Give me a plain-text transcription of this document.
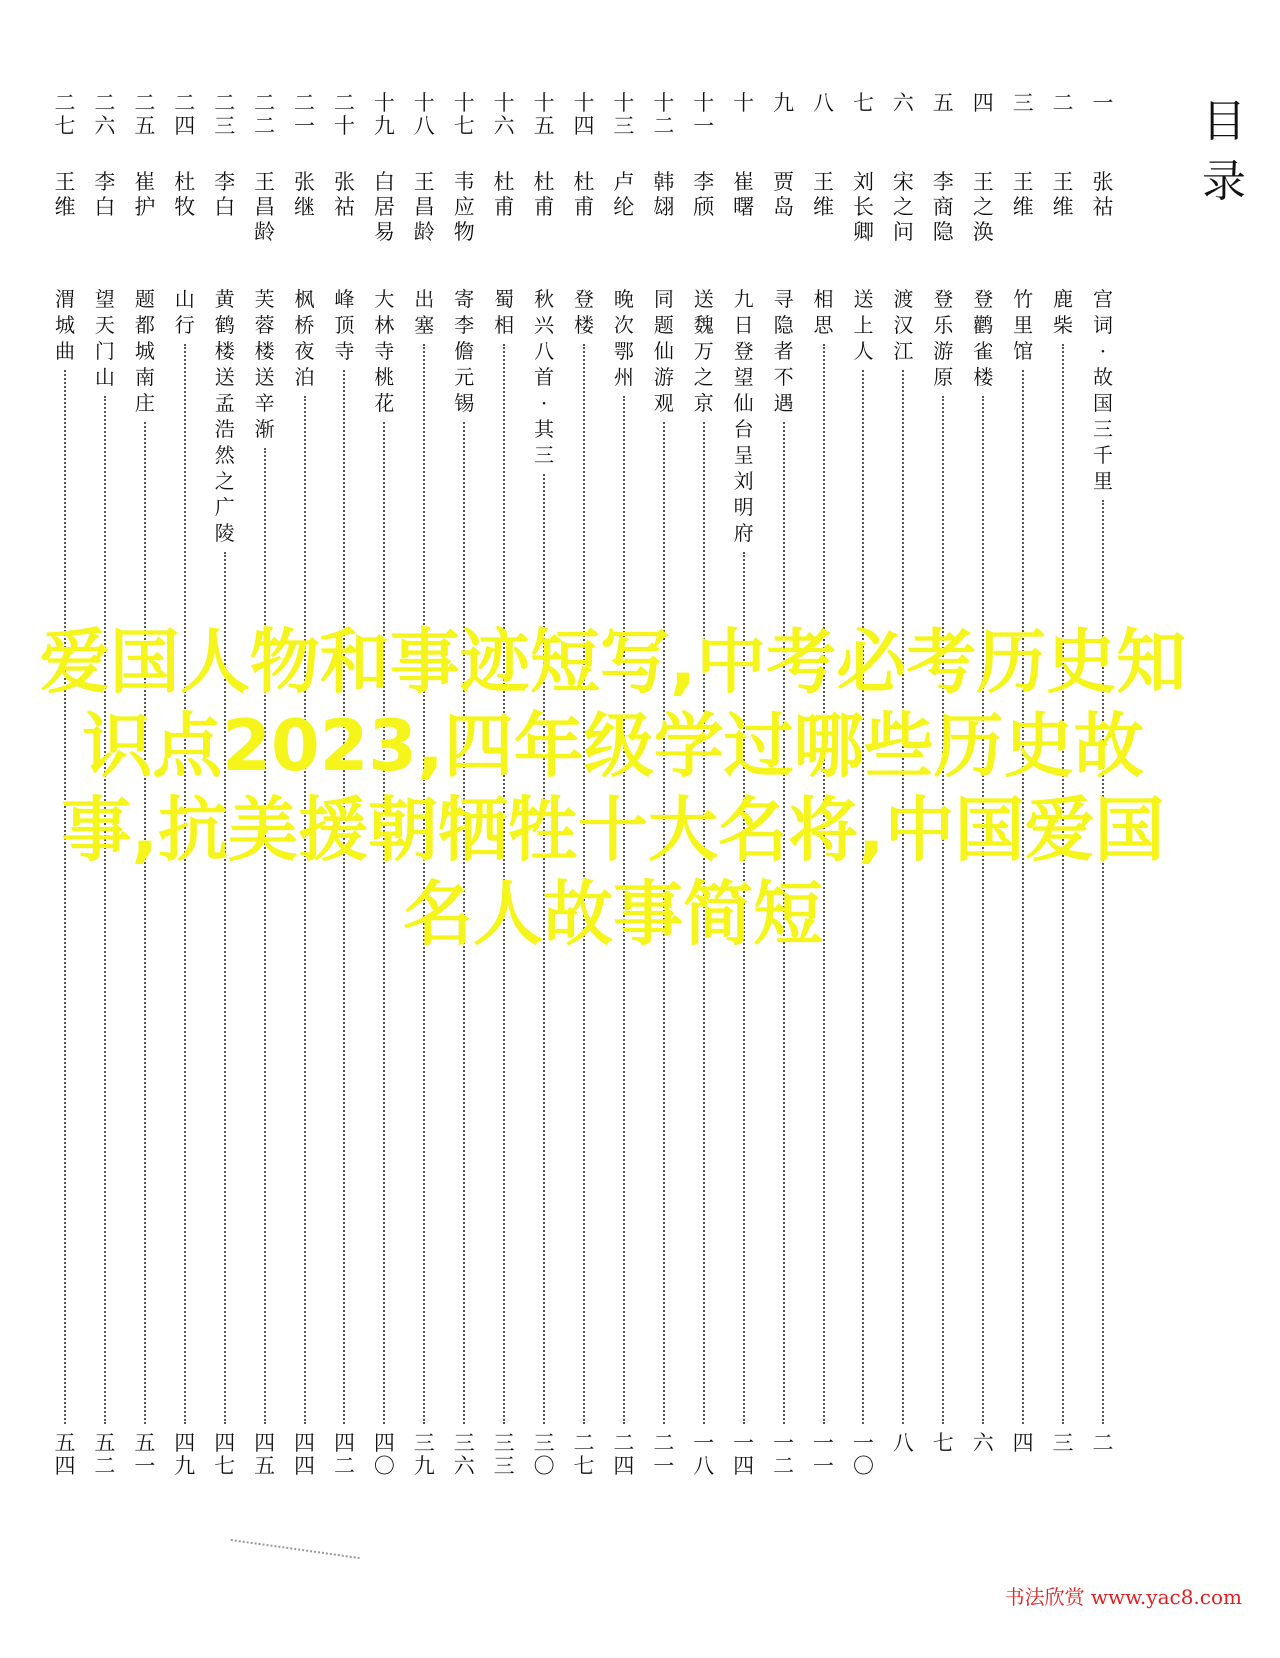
目
录
一
张
祜
宫
词
·
故
国
三
千
里
二
二
王
维
鹿
柴
三
三
王
维
竹
里
馆
四
四
王
之
涣
登
鹳
雀
楼
六
五
李
商
隐
登
乐
游
原
七
六
宋
之
问
渡
汉
江
八
七
刘
长
卿
送
上
人
一
〇
八
王
维
相
思
一
一
九
贾
岛
寻
隐
者
不
遇
一
二
十
崔
曙
九
日
登
望
仙
台
呈
刘
明
府
一
四
十
一
李
颀
送
魏
万
之
京
一
八
十
二
韩
翃
同
题
仙
游
观
二
一
十
三
卢
纶
晚
次
鄂
州
二
四
十
四
杜
甫
登
楼
二
七
十
五
杜
甫
秋
兴
八
首
·
其
三
三
〇
十
六
杜
甫
蜀
相
三
三
十
七
韦
应
物
寄
李
儋
元
锡
三
六
十
八
王
昌
龄
出
塞
三
九
十
九
白
居
易
大
林
寺
桃
花
四
〇
二
十
张
祜
峰
顶
寺
四
二
二
一
张
继
枫
桥
夜
泊
四
四
二
二
王
昌
龄
芙
蓉
楼
送
辛
渐
四
五
二
三
李
白
黄
鹤
楼
送
孟
浩
然
之
广
陵
四
七
二
四
杜
牧
山
行
四
九
二
五
崔
护
题
都
城
南
庄
五
一
二
六
李
白
望
天
门
山
五
二
二
七
王
维
渭
城
曲
五
四
爱国人物和事迹短写,中考必考历史知识点2023,四年级学过哪些历史故事,抗美援朝牺牲十大名将,中国爱国名人故事简短
书法欣赏 www.yac8.com
